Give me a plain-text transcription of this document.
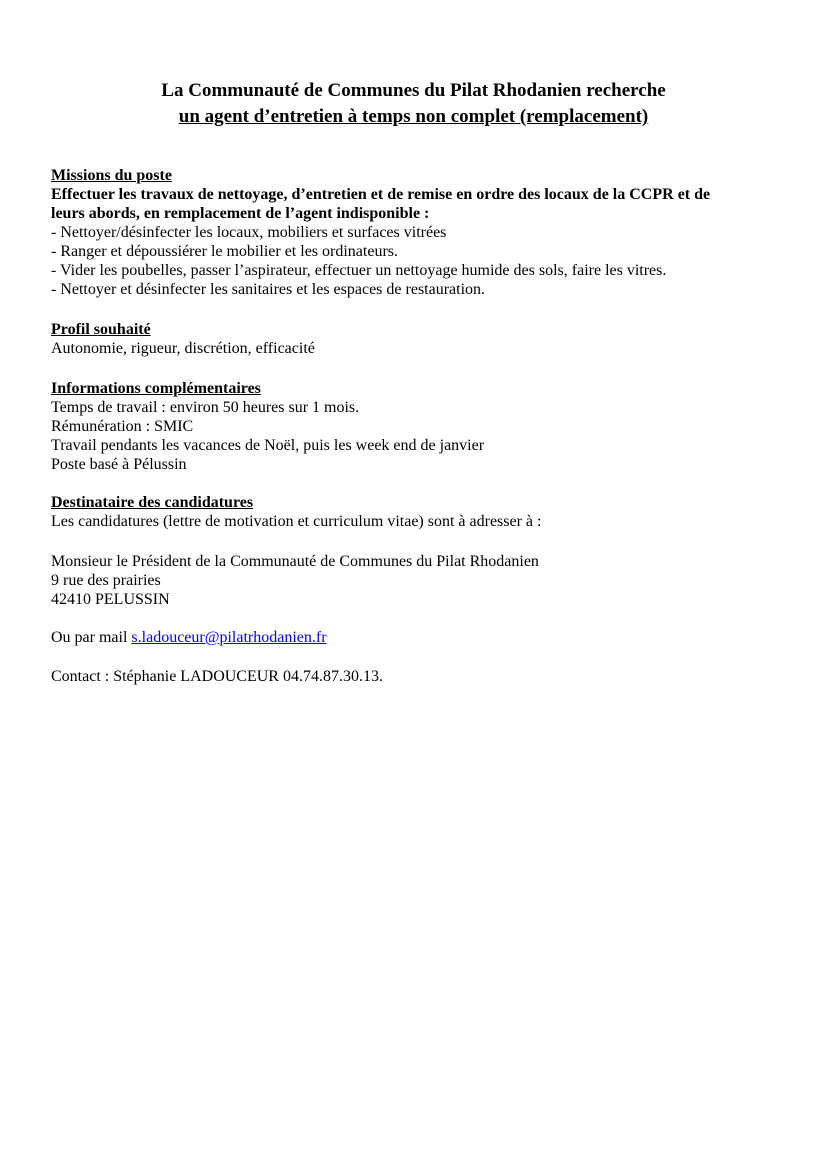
La Communauté de Communes du Pilat Rhodanien recherche
un agent d’entretien à temps non complet (remplacement)
Missions du poste
Effectuer les travaux de nettoyage, d’entretien et de remise en ordre des locaux de la CCPR et de
leurs abords, en remplacement de l’agent indisponible :
- Nettoyer/désinfecter les locaux, mobiliers et surfaces vitrées
- Ranger et dépoussiérer le mobilier et les ordinateurs.
- Vider les poubelles, passer l’aspirateur, effectuer un nettoyage humide des sols, faire les vitres.
- Nettoyer et désinfecter les sanitaires et les espaces de restauration.
Profil souhaité
Autonomie, rigueur, discrétion, efficacité
Informations complémentaires
Temps de travail : environ 50 heures sur 1 mois.
Rémunération : SMIC
Travail pendants les vacances de Noël, puis les week end de janvier
Poste basé à Pélussin
Destinataire des candidatures
Les candidatures (lettre de motivation et curriculum vitae) sont à adresser à :
Monsieur le Président de la Communauté de Communes du Pilat Rhodanien
9 rue des prairies
42410 PELUSSIN
Ou par mail s.ladouceur@pilatrhodanien.fr
Contact : Stéphanie LADOUCEUR 04.74.87.30.13.
